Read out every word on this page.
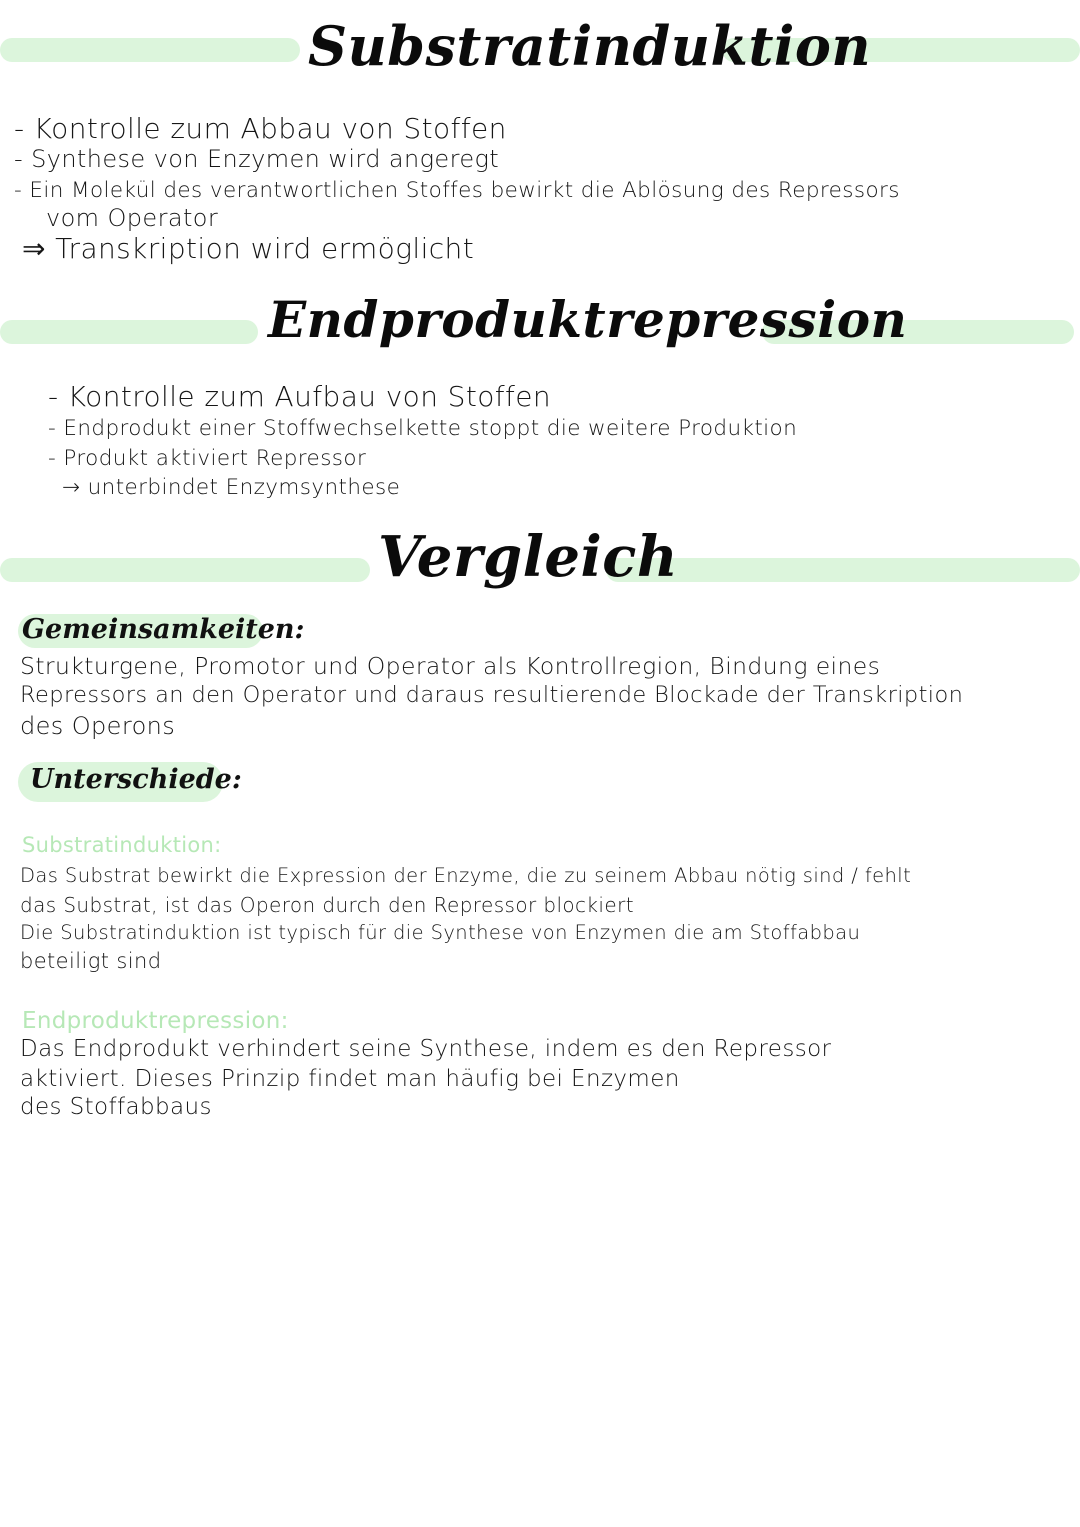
Substratinduktion

- Kontrolle zum Abbau von Stoffen

- Synthese von Enzymen wird angeregt

- Ein Molekül des verantwortlichen Stoffes bewirkt die Ablösung des Repressors

vom Operator

⇒ Transkription wird ermöglicht

Endproduktrepression

- Kontrolle zum Aufbau von Stoffen

- Endprodukt einer Stoffwechselkette stoppt die weitere Produktion

- Produkt aktiviert Repressor

→ unterbindet Enzymsynthese

Vergleich
Gemeinsamkeiten:

Strukturgene, Promotor und Operator als Kontrollregion, Bindung eines

Repressors an den Operator und daraus resultierende Blockade der Transkription

des Operons

Unterschiede:

Substratinduktion:

Das Substrat bewirkt die Expression der Enzyme, die zu seinem Abbau nötig sind / fehlt

das Substrat, ist das Operon durch den Repressor blockiert

Die Substratinduktion ist typisch für die Synthese von Enzymen die am Stoffabbau

beteiligt sind

Endproduktrepression:

Das Endprodukt verhindert seine Synthese, indem es den Repressor

aktiviert. Dieses Prinzip findet man häufig bei Enzymen

des Stoffabbaus
